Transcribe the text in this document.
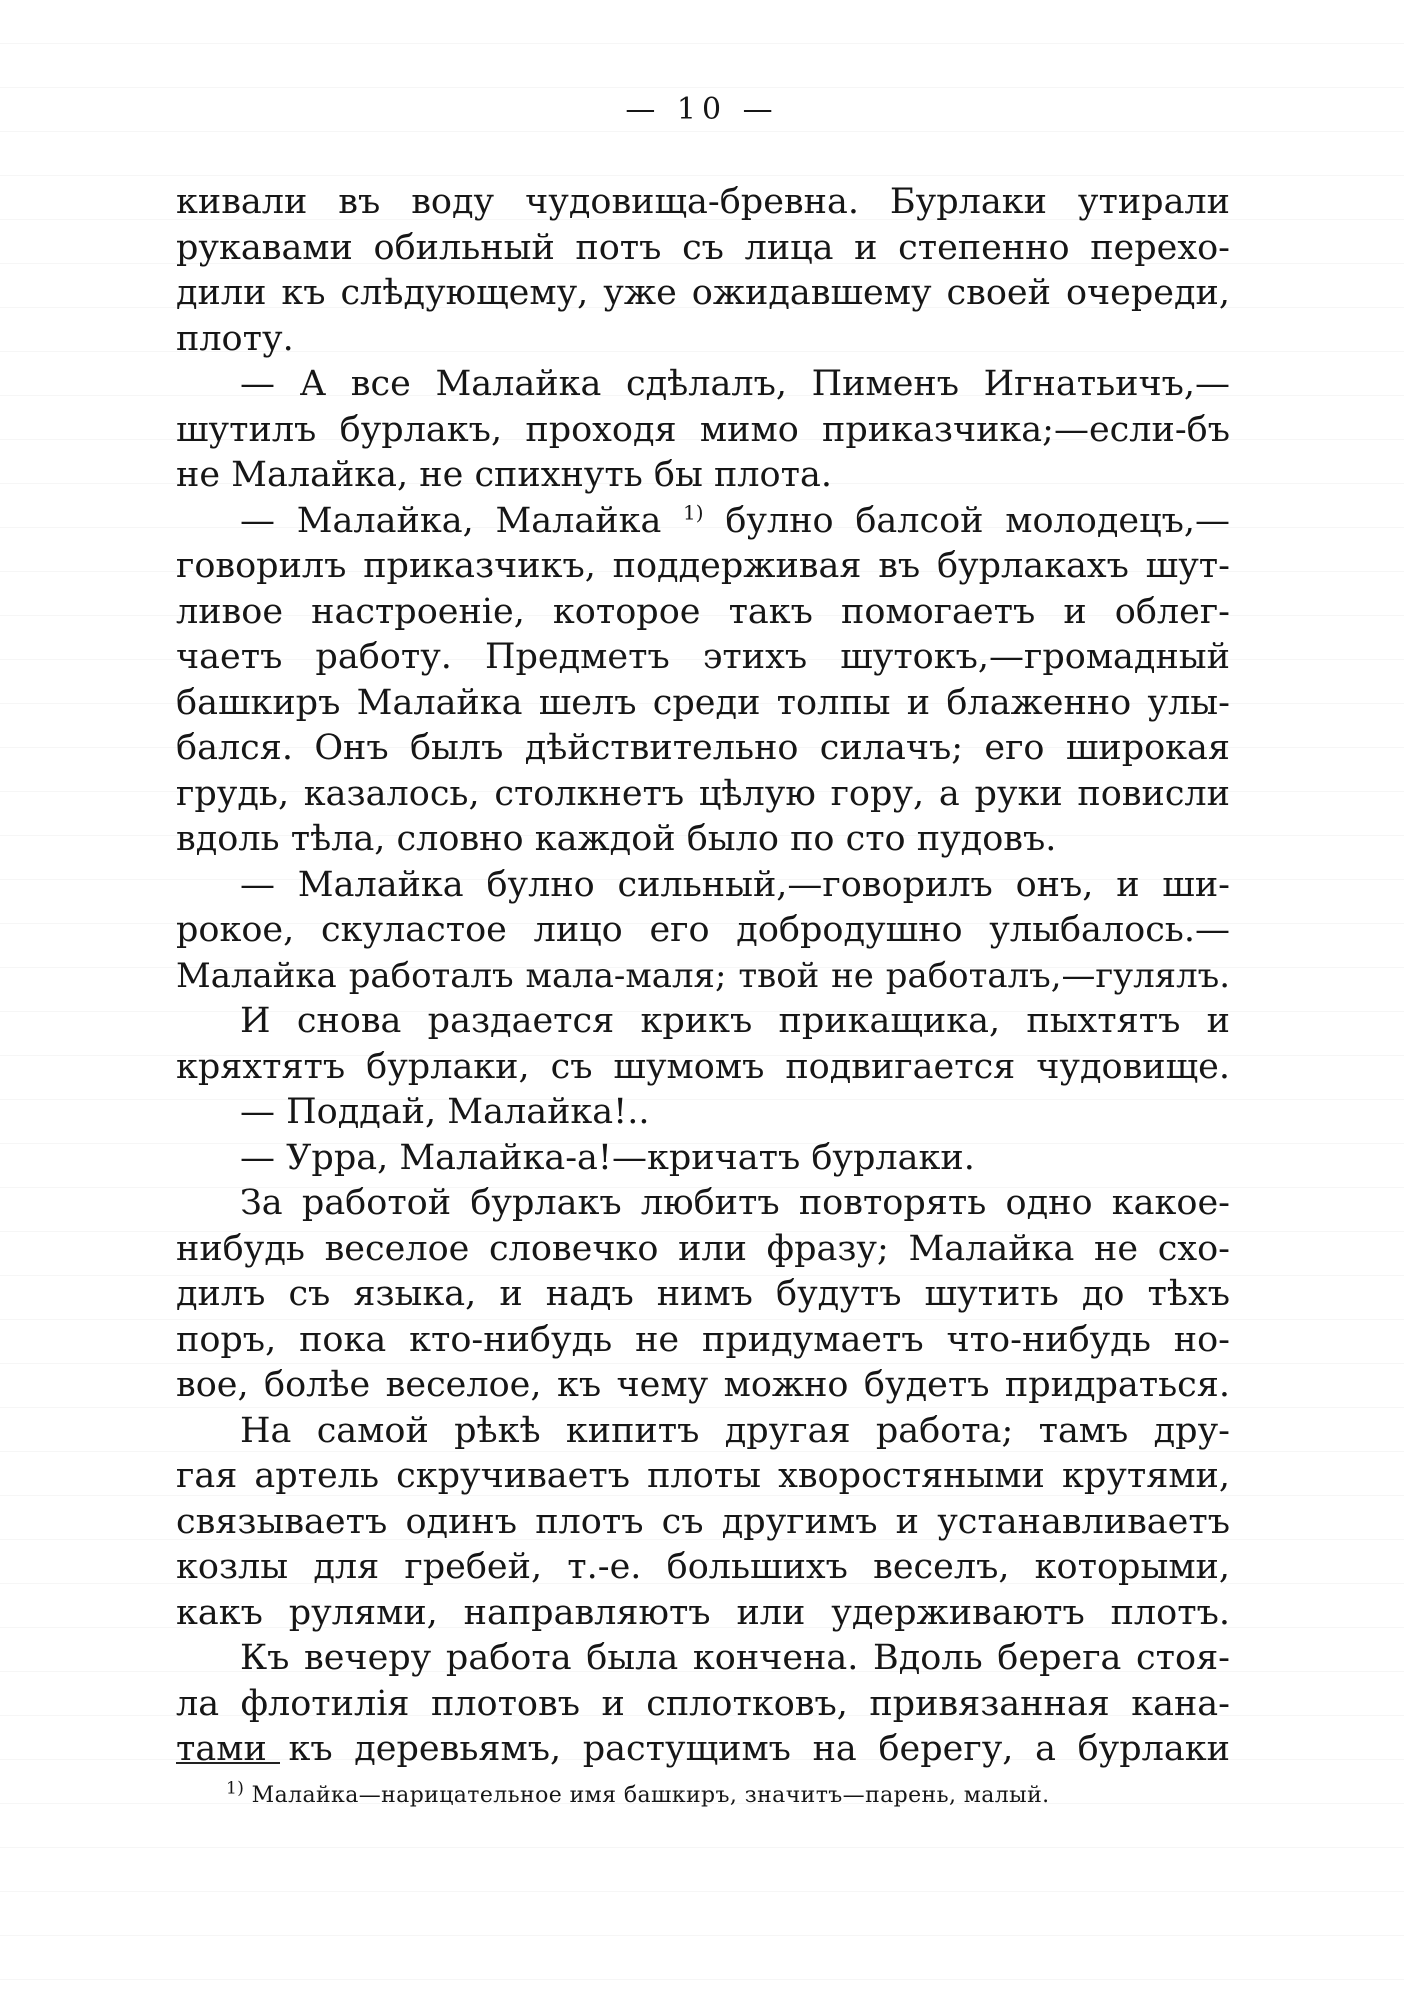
— 10 —
кивали въ воду чудовища-бревна. Бурлаки утирали
рукавами обильный потъ съ лица и степенно перехо-
дили къ слѣдующему, уже ожидавшему своей очереди,
плоту.
— А все Малайка сдѣлалъ, Пименъ Игнатьичъ,—
шутилъ бурлакъ, проходя мимо приказчика;—если-бъ
не Малайка, не спихнуть бы плота.
— Малайка, Малайка $^{1)}$ булно балсой молодецъ,—
говорилъ приказчикъ, поддерживая въ бурлакахъ шут-
ливое настроеніе, которое такъ помогаетъ и облег-
чаетъ работу. Предметъ этихъ шутокъ,—громадный
башкиръ Малайка шелъ среди толпы и блаженно улы-
бался. Онъ былъ дѣйствительно силачъ; его широкая
грудь, казалось, столкнетъ цѣлую гору, а руки повисли
вдоль тѣла, словно каждой было по сто пудовъ.
— Малайка булно сильный,—говорилъ онъ, и ши-
рокое, скуластое лицо его добродушно улыбалось.—
Малайка работалъ мала-маля; твой не работалъ,—гулялъ.
И снова раздается крикъ прикащика, пыхтятъ и
кряхтятъ бурлаки, съ шумомъ подвигается чудовище.
— Поддай, Малайка!..
— Урра, Малайка-а!—кричатъ бурлаки.
За работой бурлакъ любитъ повторять одно какое-
нибудь веселое словечко или фразу; Малайка не схо-
дилъ съ языка, и надъ нимъ будутъ шутить до тѣхъ
поръ, пока кто-нибудь не придумаетъ что-нибудь но-
вое, болѣе веселое, къ чему можно будетъ придраться.
На самой рѣкѣ кипитъ другая работа; тамъ дру-
гая артель скручиваетъ плоты хворостяными крутями,
связываетъ одинъ плотъ съ другимъ и устанавливаетъ
козлы для гребей, т.-е. большихъ веселъ, которыми,
какъ рулями, направляютъ или удерживаютъ плотъ.
Къ вечеру работа была кончена. Вдоль берега стоя-
ла флотилія плотовъ и сплотковъ, привязанная кана-
тами къ деревьямъ, растущимъ на берегу, а бурлаки
$^{1)}$ Малайка—нарицательное имя башкиръ, значитъ—парень, малый.
